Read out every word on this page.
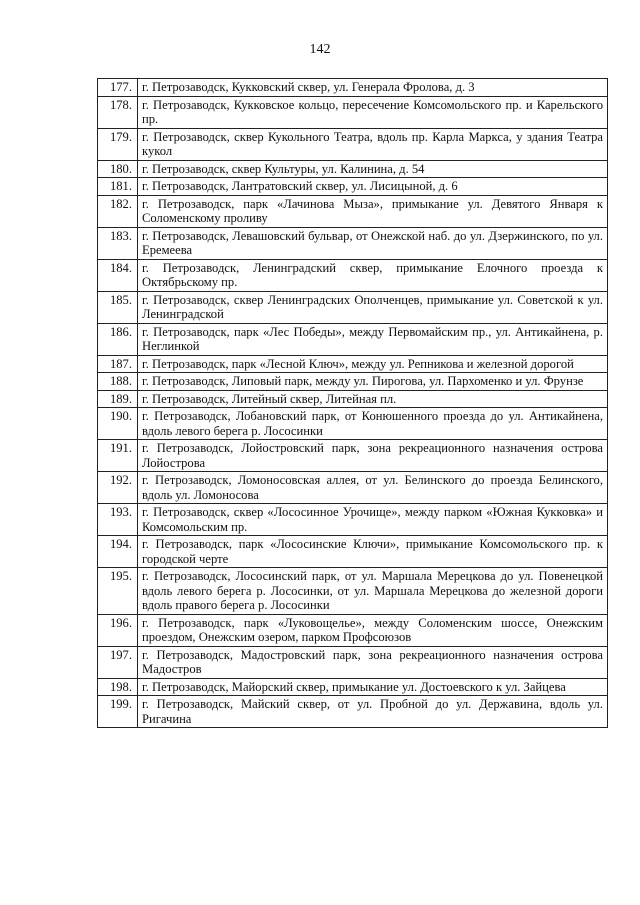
142
177.	г. Петрозаводск, Кукковский сквер, ул. Генерала Фролова, д. 3
178.	г. Петрозаводск, Кукковское кольцо, пересечение Комсомольского пр. и Карельского пр.
179.	г. Петрозаводск, сквер Кукольного Театра, вдоль пр. Карла Маркса, у здания Театра кукол
180.	г. Петрозаводск, сквер Культуры, ул. Калинина, д. 54
181.	г. Петрозаводск, Лантратовский сквер, ул. Лисицыной, д. 6
182.	г. Петрозаводск, парк «Лачинова Мыза», примыкание ул. Девятого Января к Соломенскому проливу
183.	г. Петрозаводск, Левашовский бульвар, от Онежской наб. до ул. Дзержинского, по ул. Еремеева
184.	г. Петрозаводск, Ленинградский сквер, примыкание Елочного проезда к Октябрьскому пр.
185.	г. Петрозаводск, сквер Ленинградских Ополченцев, примыкание ул. Советской к ул. Ленинградской
186.	г. Петрозаводск, парк «Лес Победы», между Первомайским пр., ул. Антикайнена, р. Неглинкой
187.	г. Петрозаводск, парк «Лесной Ключ», между ул. Репникова и железной дорогой
188.	г. Петрозаводск, Липовый парк, между ул. Пирогова, ул. Пархоменко и ул. Фрунзе
189.	г. Петрозаводск, Литейный сквер, Литейная пл.
190.	г. Петрозаводск, Лобановский парк, от Конюшенного проезда до ул. Антикайнена, вдоль левого берега р. Лососинки
191.	г. Петрозаводск, Лойостровский парк, зона рекреационного назначения острова Лойострова
192.	г. Петрозаводск, Ломоносовская аллея, от ул. Белинского до проезда Белинского, вдоль ул. Ломоносова
193.	г. Петрозаводск, сквер «Лососинное Урочище», между парком «Южная Кукковка» и Комсомольским пр.
194.	г. Петрозаводск, парк «Лососинские Ключи», примыкание Комсомольского пр. к городской черте
195.	г. Петрозаводск, Лососинский парк, от ул. Маршала Мерецкова до ул. Повенецкой вдоль левого берега р. Лососинки, от ул. Маршала Мерецкова до железной дороги вдоль правого берега р. Лососинки
196.	г. Петрозаводск, парк «Луковощелье», между Соломенским шоссе, Онежским проездом, Онежским озером, парком Профсоюзов
197.	г. Петрозаводск, Мадостровский парк, зона рекреационного назначения острова Мадостров
198.	г. Петрозаводск, Майорский сквер, примыкание ул. Достоевского к ул. Зайцева
199.	г. Петрозаводск, Майский сквер, от ул. Пробной до ул. Державина, вдоль ул. Ригачина
